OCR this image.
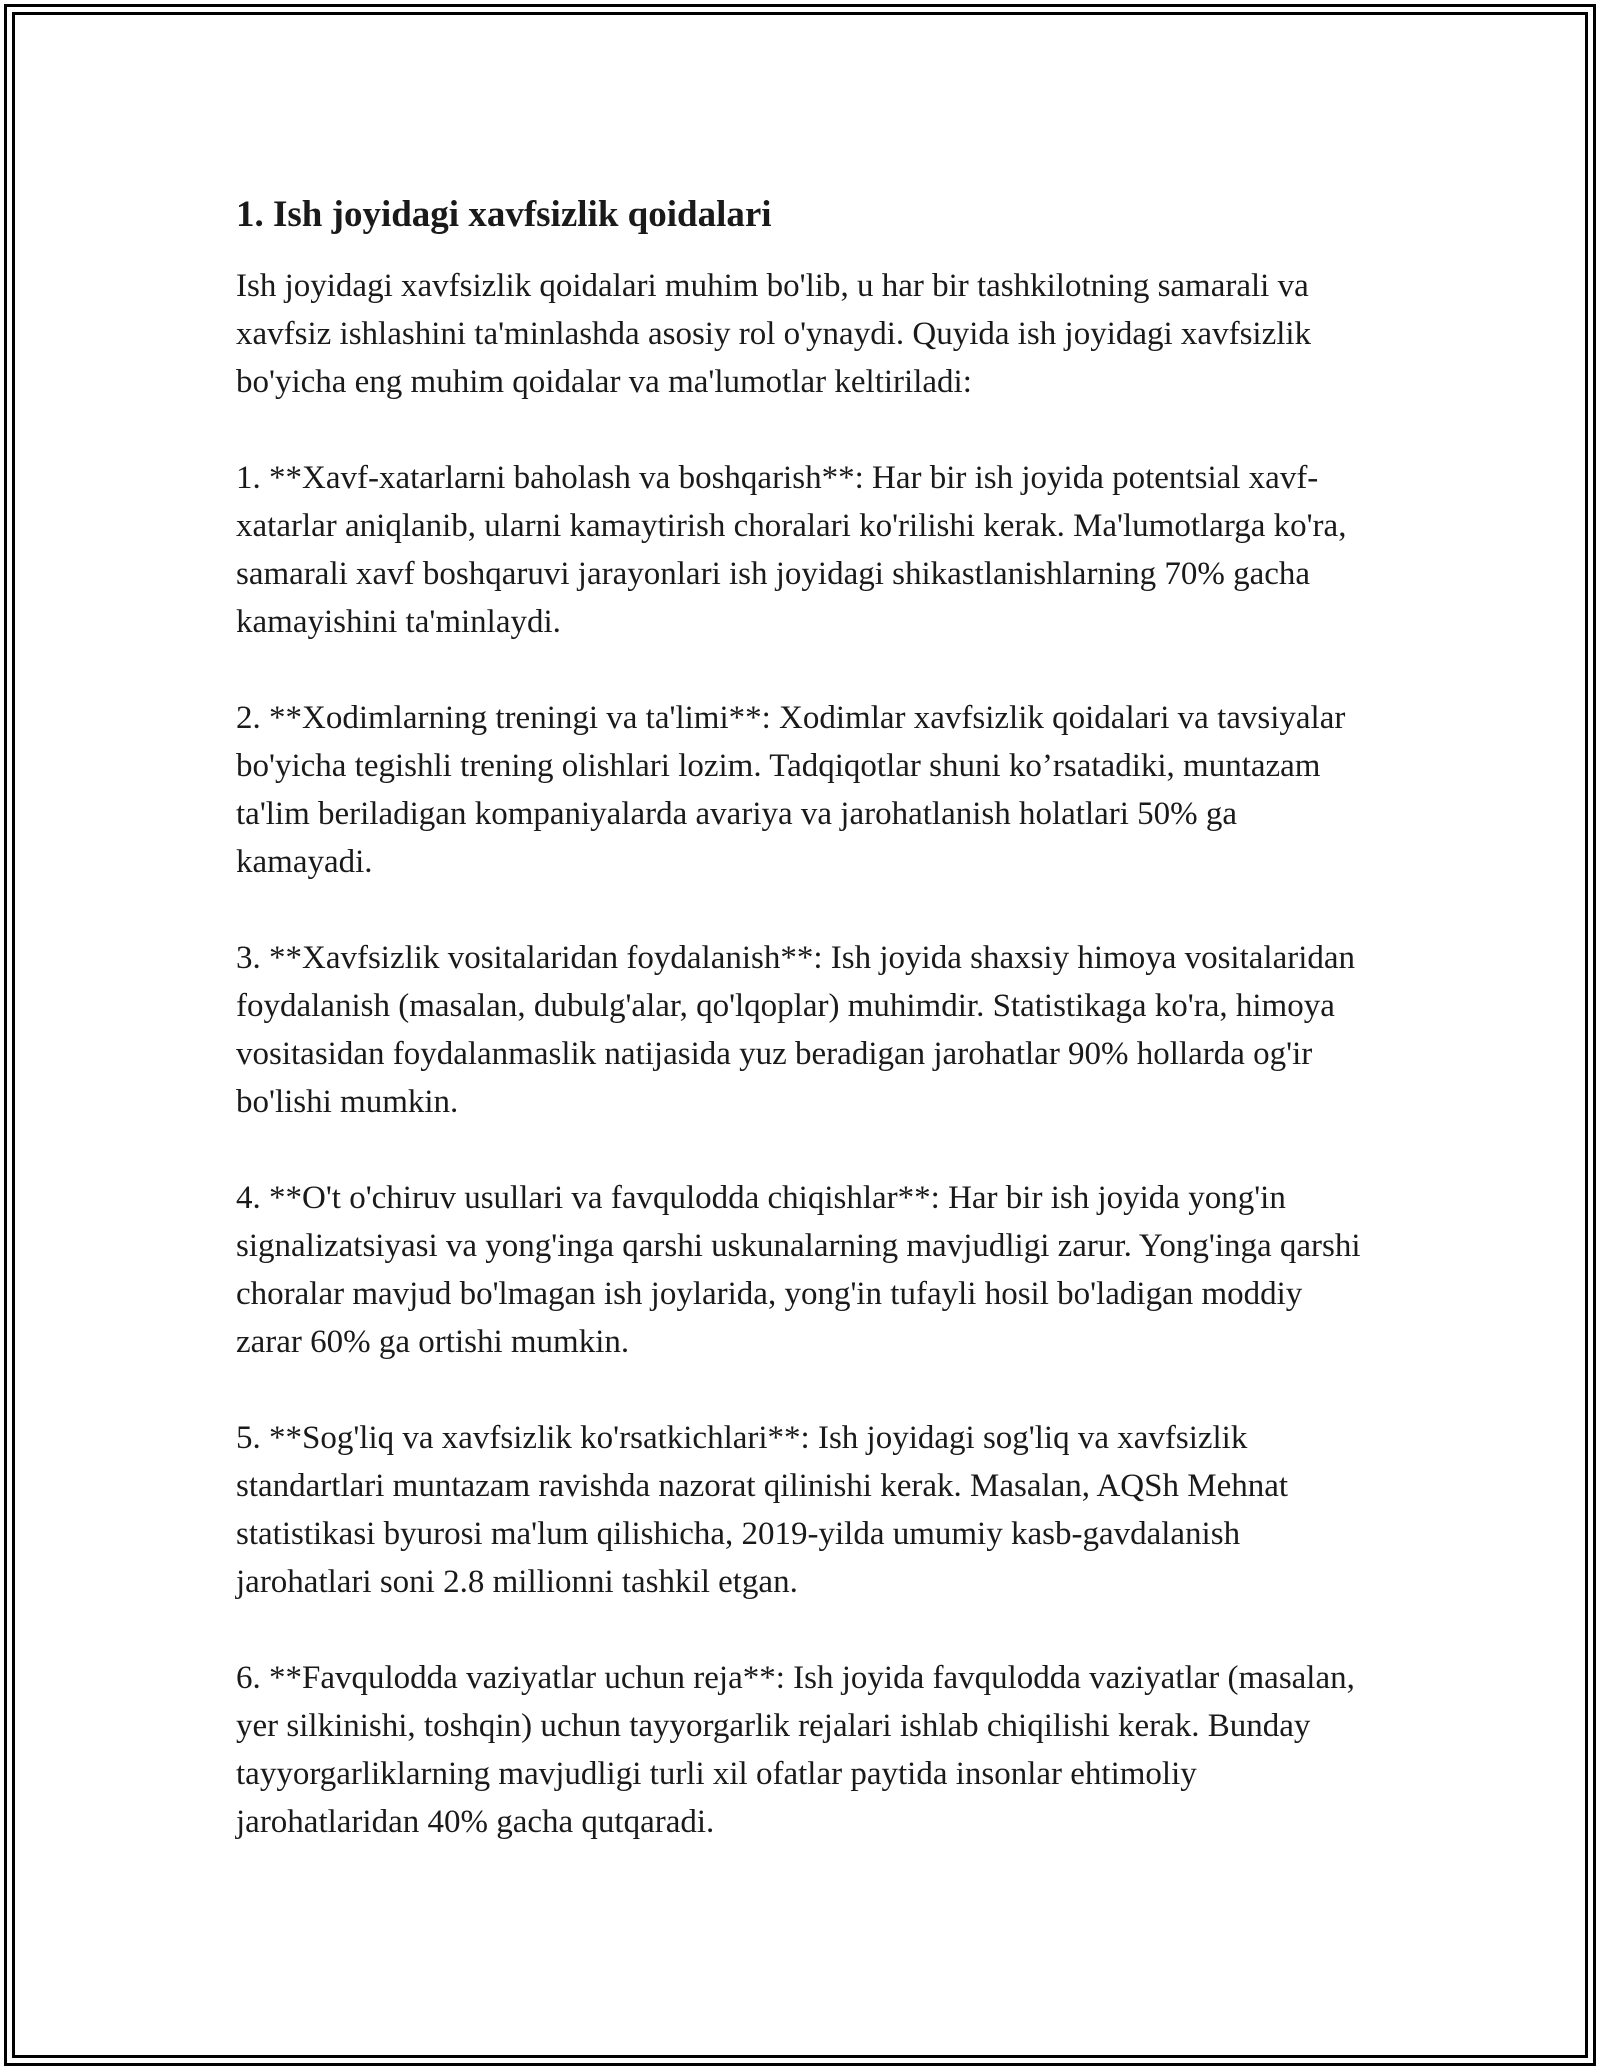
1. Ish joyidagi xavfsizlik qoidalari

Ish joyidagi xavfsizlik qoidalari muhim bo'lib, u har bir tashkilotning samarali va xavfsiz ishlashini ta'minlashda asosiy rol o'ynaydi. Quyida ish joyidagi xavfsizlik bo'yicha eng muhim qoidalar va ma'lumotlar keltiriladi:

1. **Xavf-xatarlarni baholash va boshqarish**: Har bir ish joyida potentsial xavf-xatarlar aniqlanib, ularni kamaytirish choralari ko'rilishi kerak. Ma'lumotlarga ko'ra, samarali xavf boshqaruvi jarayonlari ish joyidagi shikastlanishlarning 70% gacha kamayishini ta'minlaydi.

2. **Xodimlarning treningi va ta'limi**: Xodimlar xavfsizlik qoidalari va tavsiyalar bo'yicha tegishli trening olishlari lozim. Tadqiqotlar shuni ko’rsatadiki, muntazam ta'lim beriladigan kompaniyalarda avariya va jarohatlanish holatlari 50% ga kamayadi.

3. **Xavfsizlik vositalaridan foydalanish**: Ish joyida shaxsiy himoya vositalaridan foydalanish (masalan, dubulg'alar, qo'lqoplar) muhimdir. Statistikaga ko'ra, himoya vositasidan foydalanmaslik natijasida yuz beradigan jarohatlar 90% hollarda og'ir bo'lishi mumkin.

4. **O't o'chiruv usullari va favqulodda chiqishlar**: Har bir ish joyida yong'in signalizatsiyasi va yong'inga qarshi uskunalarning mavjudligi zarur. Yong'inga qarshi choralar mavjud bo'lmagan ish joylarida, yong'in tufayli hosil bo'ladigan moddiy zarar 60% ga ortishi mumkin.

5. **Sog'liq va xavfsizlik ko'rsatkichlari**: Ish joyidagi sog'liq va xavfsizlik standartlari muntazam ravishda nazorat qilinishi kerak. Masalan, AQSh Mehnat statistikasi byurosi ma'lum qilishicha, 2019-yilda umumiy kasb-gavdalanish jarohatlari soni 2.8 millionni tashkil etgan.

6. **Favqulodda vaziyatlar uchun reja**: Ish joyida favqulodda vaziyatlar (masalan, yer silkinishi, toshqin) uchun tayyorgarlik rejalari ishlab chiqilishi kerak. Bunday tayyorgarliklarning mavjudligi turli xil ofatlar paytida insonlar ehtimoliy jarohatlaridan 40% gacha qutqaradi.
